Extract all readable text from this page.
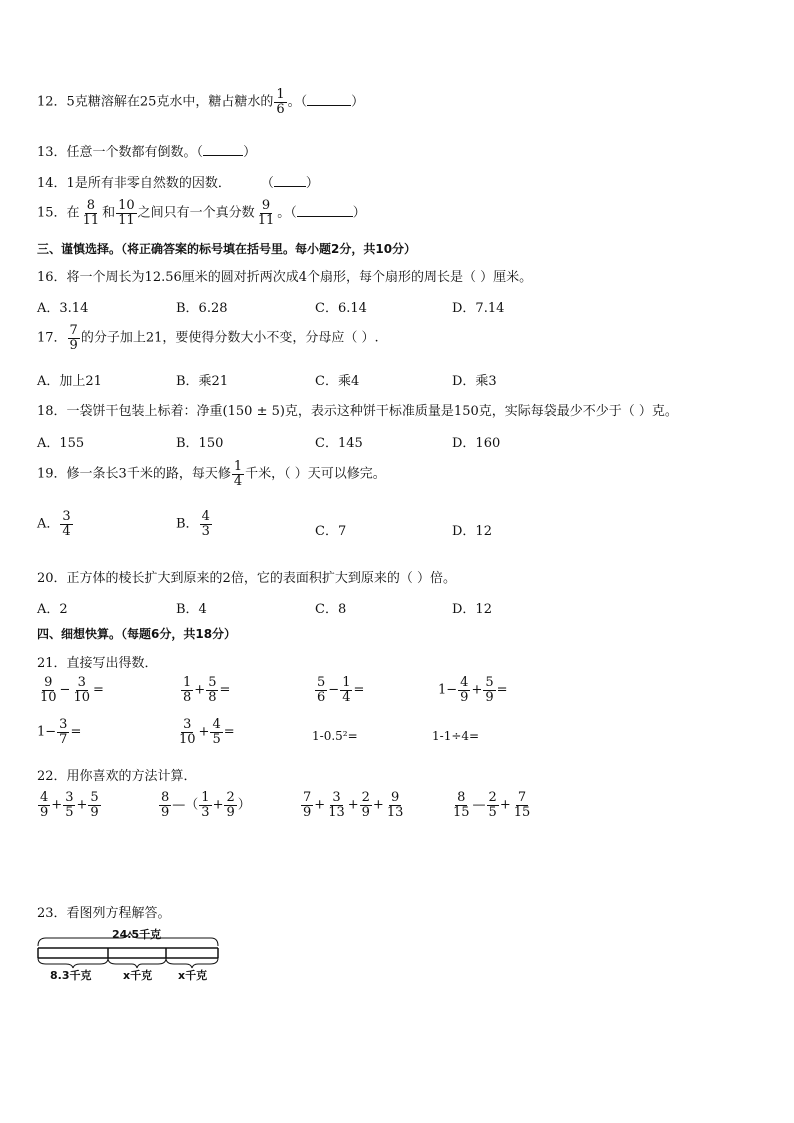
12．5克糖溶解在25克水中，糖占糖水的 $\frac{1}{6}$ 。（	）
13．任意一个数都有倒数。（	）
14．1是所有非零自然数的因数． （ ）
15．在 $\frac{8}{11}$ 和 $\frac{10}{11}$ 之间只有一个真分数 $\frac{9}{11}$ 。（	）
三、谨慎选择。（将正确答案的标号填在括号里。每小题2分，共10分）
16．将一个周长为12.56厘米的圆对折两次成4个扇形，每个扇形的周长是（ ）厘米。
A．3.14	B．6.28	C．6.14	D．7.14
17． $\frac{7}{9}$ 的分子加上21，要使得分数大小不变，分母应（ ）.
A．加上21	B．乘21	C．乘4	D．乘3
18．一袋饼干包装上标着：净重(150 ± 5)克，表示这种饼干标准质量是150克，实际每袋最少不少于（ ）克。
A．155	B．150	C．145	D．160
19．修一条长3千米的路，每天修 $\frac{1}{4}$ 千米，（ ）天可以修完。
A． $\frac{3}{4}$	B． $\frac{4}{3}$	C．7	D．12
20．正方体的棱长扩大到原来的2倍，它的表面积扩大到原来的（ ）倍。
A．2	B．4	C．8	D．12
四、细想快算。（每题6分，共18分）
21．直接写出得数．
$\frac{9}{10} - \frac{3}{10}$ =	$\frac{1}{8} + \frac{5}{8}$ =	$\frac{5}{6} - \frac{1}{4}$ =	$1- \frac{4}{9} + \frac{5}{9}$ =
$1- \frac{3}{7}$ =	$\frac{3}{10} + \frac{4}{5}$ =	1-0.5²=	1-1÷4=
22．用你喜欢的方法计算．
$\frac{4}{9} + \frac{3}{5} + \frac{5}{9}$	$\frac{8}{9}$ —（ $\frac{1}{3} + \frac{2}{9}$ ）	$\frac{7}{9} + \frac{3}{13} + \frac{2}{9} + \frac{9}{13}$	$\frac{8}{15}$ — $\frac{2}{5} + \frac{7}{15}$
23．看图列方程解答。
24.5千克
8.3千克	x千克 x千克
